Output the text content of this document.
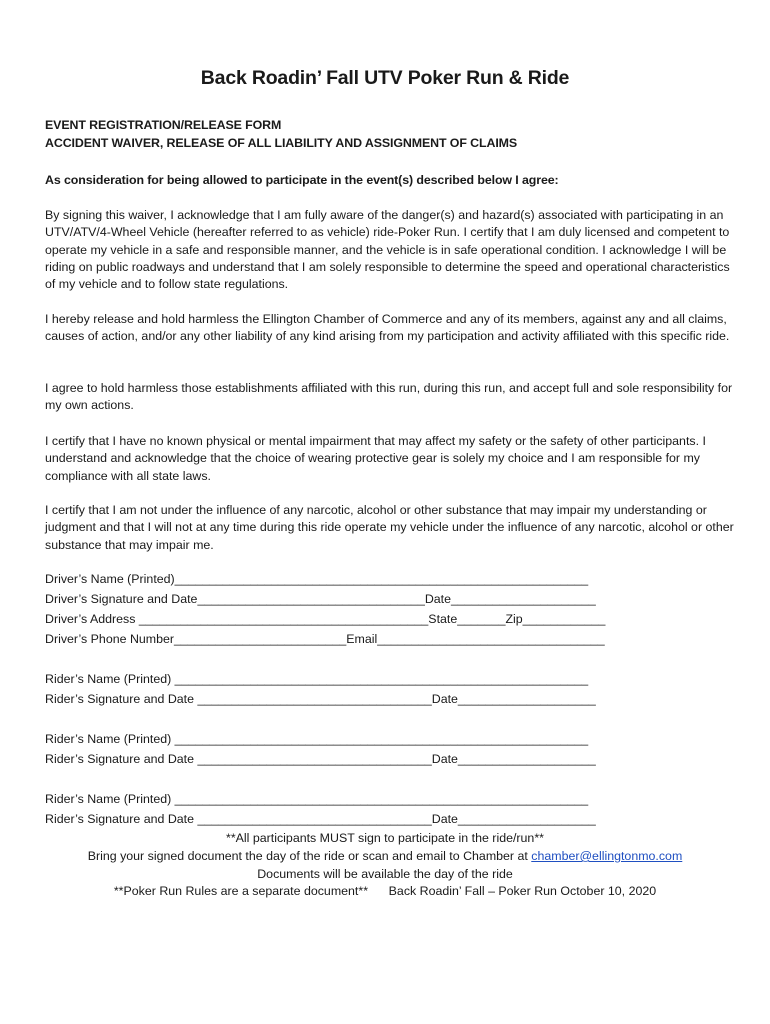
Back Roadin’ Fall UTV Poker Run & Ride
EVENT REGISTRATION/RELEASE FORM
ACCIDENT WAIVER, RELEASE OF ALL LIABILITY AND ASSIGNMENT OF CLAIMS
As consideration for being allowed to participate in the event(s) described below I agree:
By signing this waiver, I acknowledge that I am fully aware of the danger(s) and hazard(s) associated with participating in an UTV/ATV/4-Wheel Vehicle (hereafter referred to as vehicle) ride-Poker Run. I certify that I am duly licensed and competent to operate my vehicle in a safe and responsible manner, and the vehicle is in safe operational condition. I acknowledge I will be riding on public roadways and understand that I am solely responsible to determine the speed and operational characteristics of my vehicle and to follow state regulations.
I hereby release and hold harmless the Ellington Chamber of Commerce and any of its members, against any and all claims, causes of action, and/or any other liability of any kind arising from my participation and activity affiliated with this specific ride.
I agree to hold harmless those establishments affiliated with this run, during this run, and accept full and sole responsibility for my own actions.
I certify that I have no known physical or mental impairment that may affect my safety or the safety of other participants. I understand and acknowledge that the choice of wearing protective gear is solely my choice and I am responsible for my compliance with all state laws.
I certify that I am not under the influence of any narcotic, alcohol or other substance that may impair my understanding or judgment and that I will not at any time during this ride operate my vehicle under the influence of any narcotic, alcohol or other substance that may impair me.
Driver’s Name (Printed)____________________________________________________________
Driver’s Signature and Date_________________________________Date_____________________
Driver’s Address __________________________________________State_______Zip____________
Driver’s Phone Number_________________________Email_________________________________
Rider’s Name (Printed) ____________________________________________________________
Rider’s Signature and Date __________________________________Date____________________
Rider’s Name (Printed) ____________________________________________________________
Rider’s Signature and Date __________________________________Date____________________
Rider’s Name (Printed) ____________________________________________________________
Rider’s Signature and Date __________________________________Date____________________
**All participants MUST sign to participate in the ride/run**
Bring your signed document the day of the ride or scan and email to Chamber at chamber@ellingtonmo.com
Documents will be available the day of the ride
**Poker Run Rules are a separate document** Back Roadin’ Fall – Poker Run October 10, 2020
